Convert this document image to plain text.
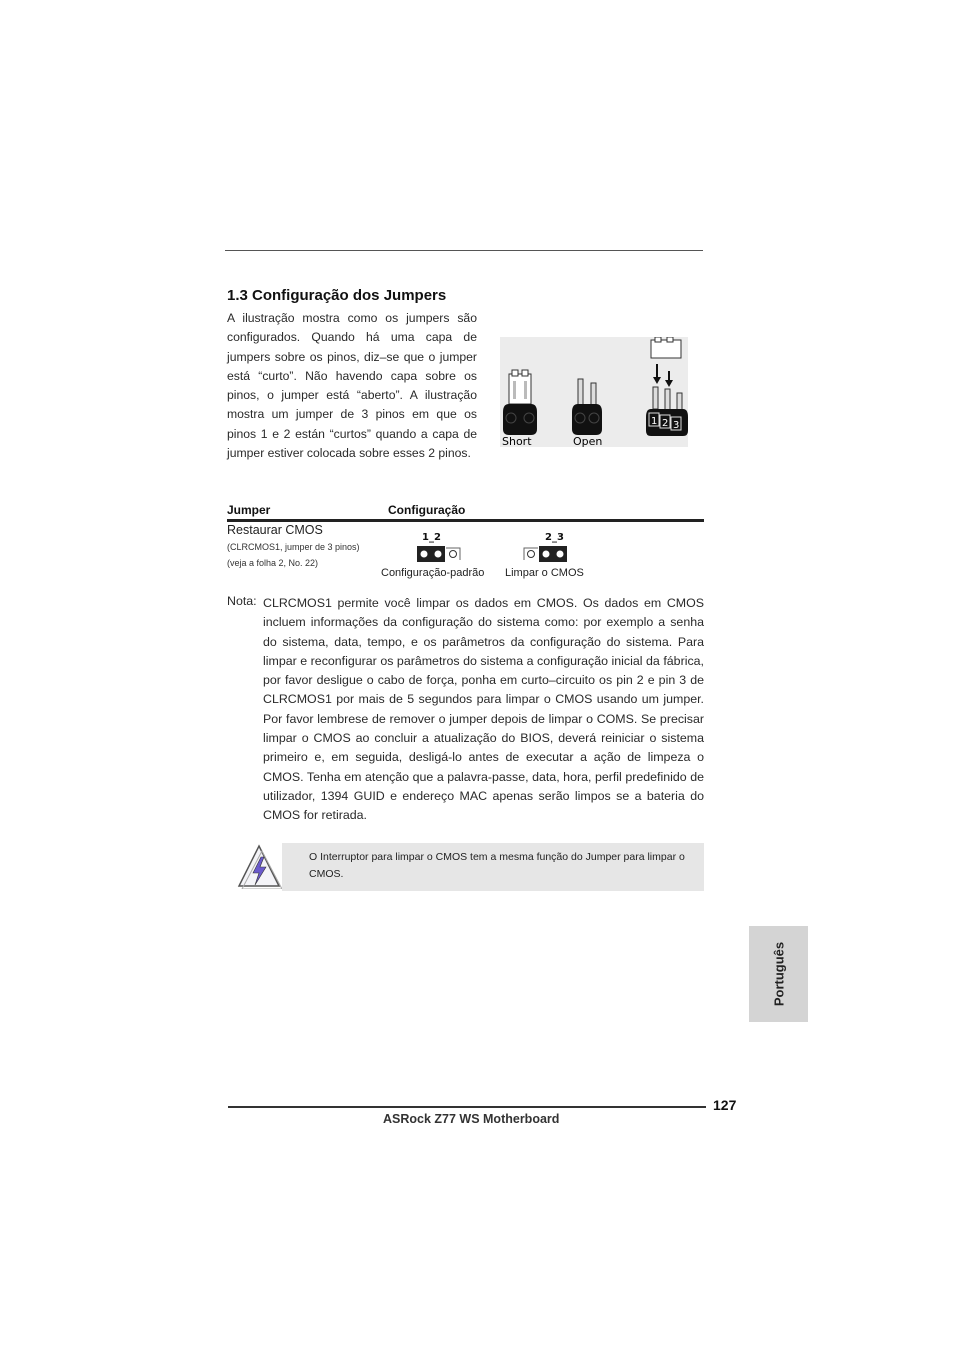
1.3 Configuração dos Jumpers
A ilustração mostra como os jumpers são configurados. Quando há uma capa de jumpers sobre os pinos, diz–se que o jumper está “curto”. Não havendo capa sobre os pinos, o jumper está “aberto”. A ilustração mostra um jumper de 3 pinos em que os pinos 1 e 2 están “curtos” quando a capa de jumper estiver colocada sobre esses 2 pinos.
Short	Open
1 2 3
Jumper	Configuração
Restaurar CMOS
(CLRCMOS1, jumper de 3 pinos)
(veja a folha 2, No. 22)
1_2
Configuração-padrão
2_3
Limpar o CMOS
Nota: CLRCMOS1 permite você limpar os dados em CMOS. Os dados em CMOS incluem informações da configuração do sistema como: por exemplo a senha do sistema, data, tempo, e os parâmetros da configuração do sistema. Para limpar e reconfigurar os parâmetros do sistema a configuração inicial da fábrica, por favor desligue o cabo de força, ponha em curto–circuito os pin 2 e pin 3 de CLRCMOS1 por mais de 5 segundos para limpar o CMOS usando um jumper. Por favor lembrese de remover o jumper depois de limpar o COMS. Se precisar limpar o CMOS ao concluir a atualização do BIOS, deverá reiniciar o sistema primeiro e, em seguida, desligá-lo antes de executar a ação de limpeza o CMOS. Tenha em atenção que a palavra-passe, data, hora, perfil predefinido de utilizador, 1394 GUID e endereço MAC apenas serão limpos se a bateria do CMOS for retirada.
O Interruptor para limpar o CMOS tem a mesma função do Jumper para limpar o CMOS.
Português
127
ASRock Z77 WS Motherboard
